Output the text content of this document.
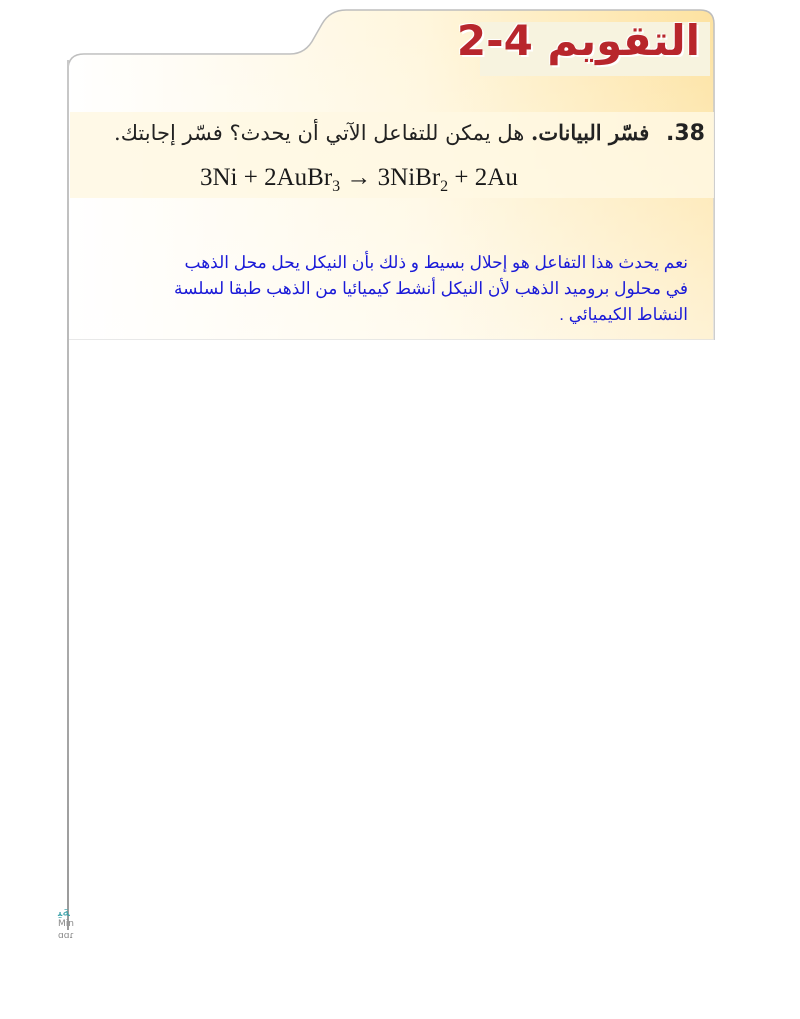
التقويم 4-2
38. فسّر البيانات. هل يمكن للتفاعل الآتي أن يحدث؟ فسّر إجابتك.
3Ni + 2AuBr$_3$ → 3NiBr$_2$ + 2Au

نعم يحدث هذا التفاعل هو إحلال بسيط و ذلك بأن النيكل يحل محل الذهب

في محلول بروميد الذهب لأن النيكل أنشط كيميائيا من الذهب طبقا لسلسة

النشاط الكيميائي .

ﺔﻴ
Min
ɑɑɾ
